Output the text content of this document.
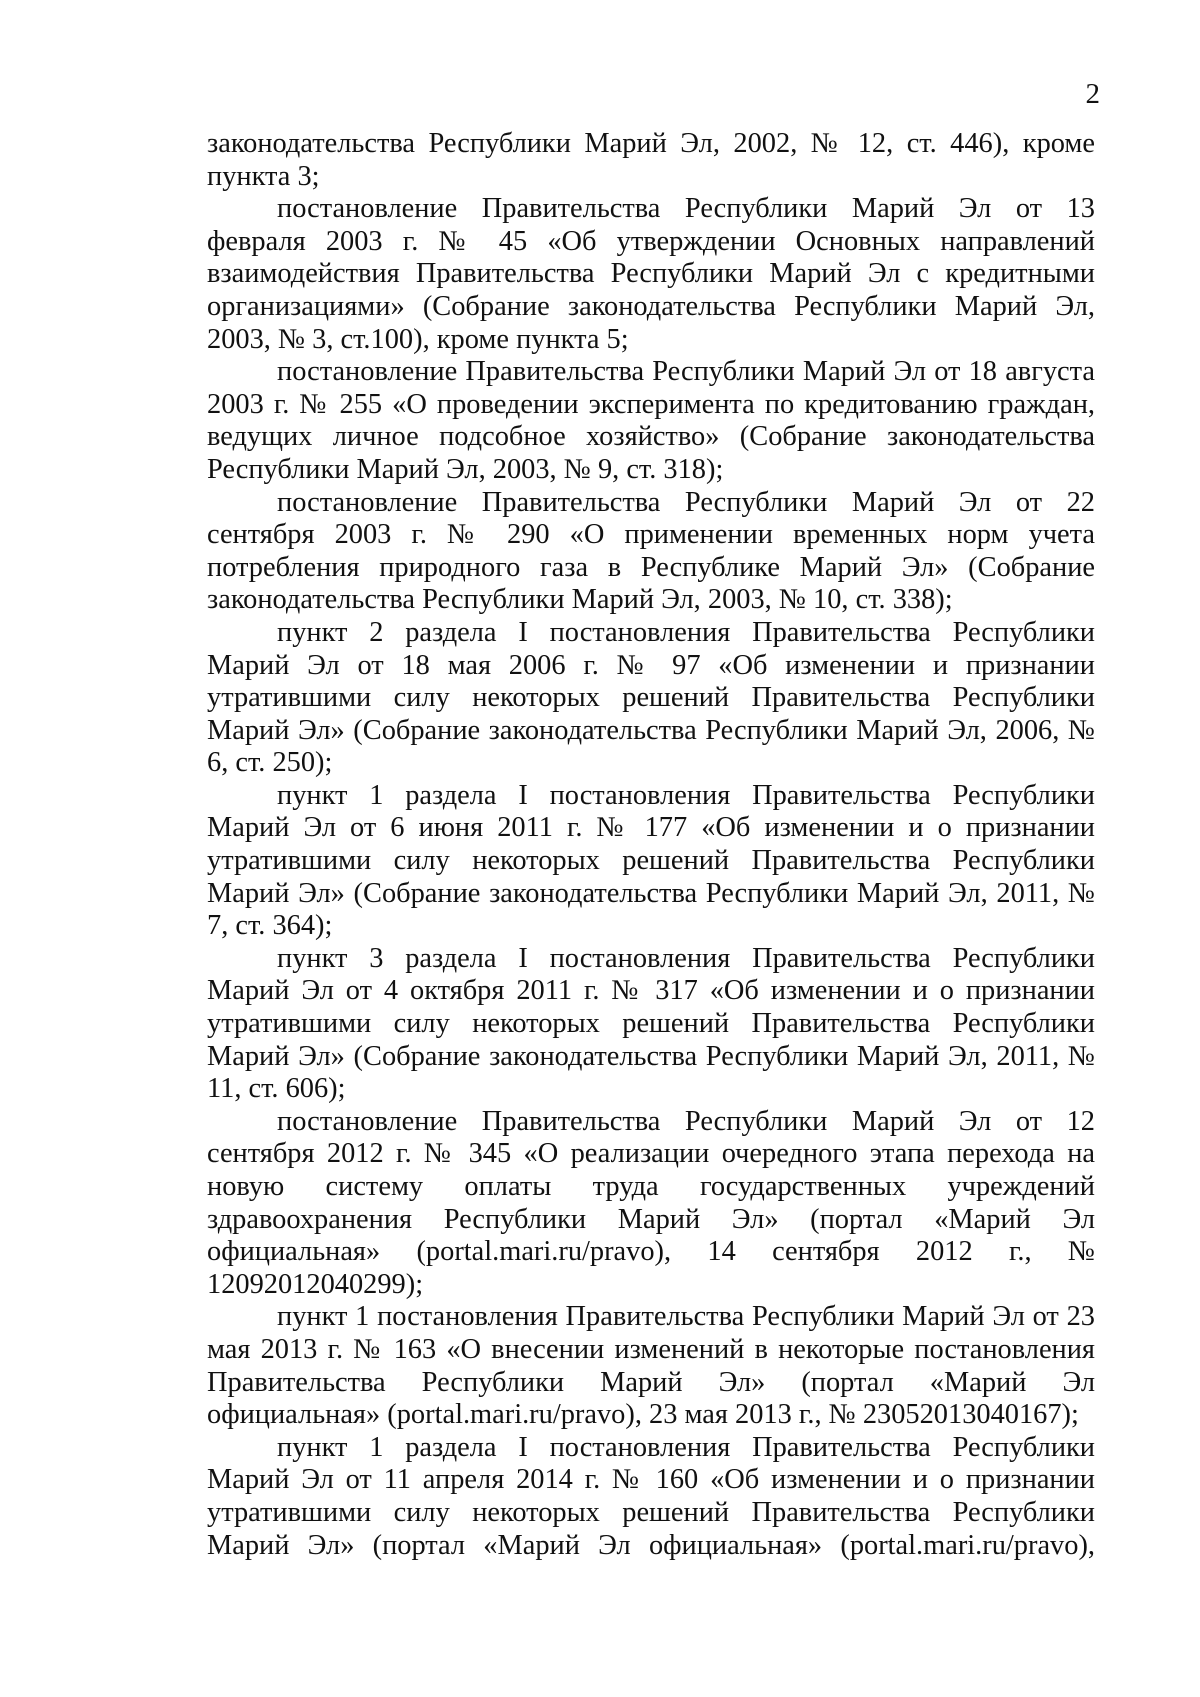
2

законодательства Республики Марий Эл, 2002, № 12, ст. 446), кроме пункта 3;

постановление Правительства Республики Марий Эл от 13 февраля 2003 г. № 45 «Об утверждении Основных направлений взаимодействия Правительства Республики Марий Эл с кредитными организациями» (Собрание законодательства Республики Марий Эл, 2003, № 3, ст.100), кроме пункта 5;

постановление Правительства Республики Марий Эл от 18 августа 2003 г. № 255 «О проведении эксперимента по кредитованию граждан, ведущих личное подсобное хозяйство» (Собрание законодательства Республики Марий Эл, 2003, № 9, ст. 318);

постановление Правительства Республики Марий Эл от 22 сентября 2003 г. № 290 «О применении временных норм учета потребления природного газа в Республике Марий Эл» (Собрание законодательства Республики Марий Эл, 2003, № 10, ст. 338);

пункт 2 раздела I постановления Правительства Республики Марий Эл от 18 мая 2006 г. № 97 «Об изменении и признании утратившими силу некоторых решений Правительства Республики Марий Эл» (Собрание законодательства Республики Марий Эл, 2006, № 6, ст. 250);

пункт 1 раздела I постановления Правительства Республики Марий Эл от 6 июня 2011 г. № 177 «Об изменении и о признании утратившими силу некоторых решений Правительства Республики Марий Эл» (Собрание законодательства Республики Марий Эл, 2011, № 7, ст. 364);

пункт 3 раздела I постановления Правительства Республики Марий Эл от 4 октября 2011 г. № 317 «Об изменении и о признании утратившими силу некоторых решений Правительства Республики Марий Эл» (Собрание законодательства Республики Марий Эл, 2011, № 11, ст. 606);

постановление Правительства Республики Марий Эл от 12 сентября 2012 г. № 345 «О реализации очередного этапа перехода на новую систему оплаты труда государственных учреждений здравоохранения Республики Марий Эл» (портал «Марий Эл официальная» (portal.mari.ru/pravo), 14 сентября 2012 г., № 12092012040299);

пункт 1 постановления Правительства Республики Марий Эл от 23 мая 2013 г. № 163 «О внесении изменений в некоторые постановления Правительства Республики Марий Эл» (портал «Марий Эл официальная» (portal.mari.ru/pravo), 23 мая 2013 г., № 23052013040167);

пункт 1 раздела I постановления Правительства Республики Марий Эл от 11 апреля 2014 г. № 160 «Об изменении и о признании утратившими силу некоторых решений Правительства Республики Марий Эл» (портал «Марий Эл официальная» (portal.mari.ru/pravo),
